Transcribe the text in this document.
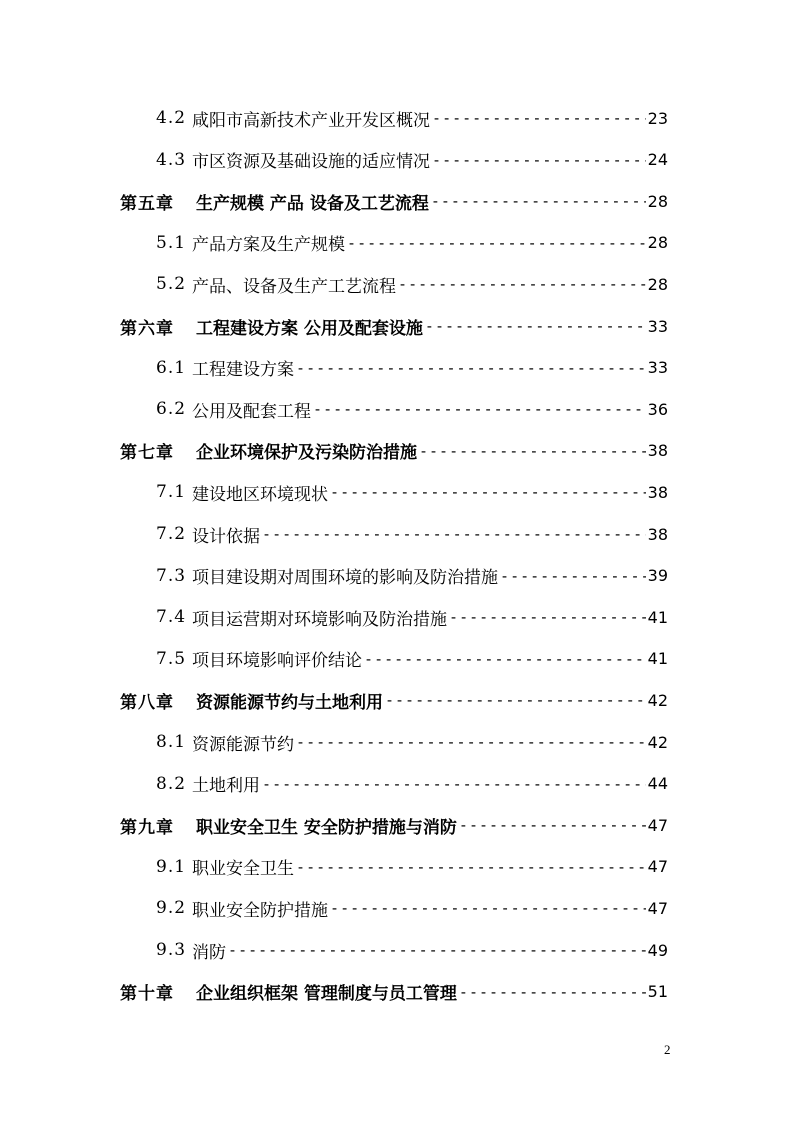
4.2 咸阳市高新技术产业开发区概况 -----	23
4.3 市区资源及基础设施的适应情况 -----	24
第五章 生产规模 产品 设备及工艺流程 -----	28
5.1 产品方案及生产规模 -----	28
5.2 产品、设备及生产工艺流程 -----	28
第六章 工程建设方案 公用及配套设施 -----	33
6.1 工程建设方案 -----	33
6.2 公用及配套工程 -----	36
第七章 企业环境保护及污染防治措施 -----	38
7.1 建设地区环境现状 -----	38
7.2 设计依据 -----	38
7.3 项目建设期对周围环境的影响及防治措施 -----	39
7.4 项目运营期对环境影响及防治措施 -----	41
7.5 项目环境影响评价结论 -----	41
第八章 资源能源节约与土地利用 -----	42
8.1 资源能源节约 -----	42
8.2 土地利用 -----	44
第九章 职业安全卫生 安全防护措施与消防 -----	47
9.1 职业安全卫生 -----	47
9.2 职业安全防护措施 -----	47
9.3 消防 -----	49
第十章 企业组织框架 管理制度与员工管理 -----	51
2
